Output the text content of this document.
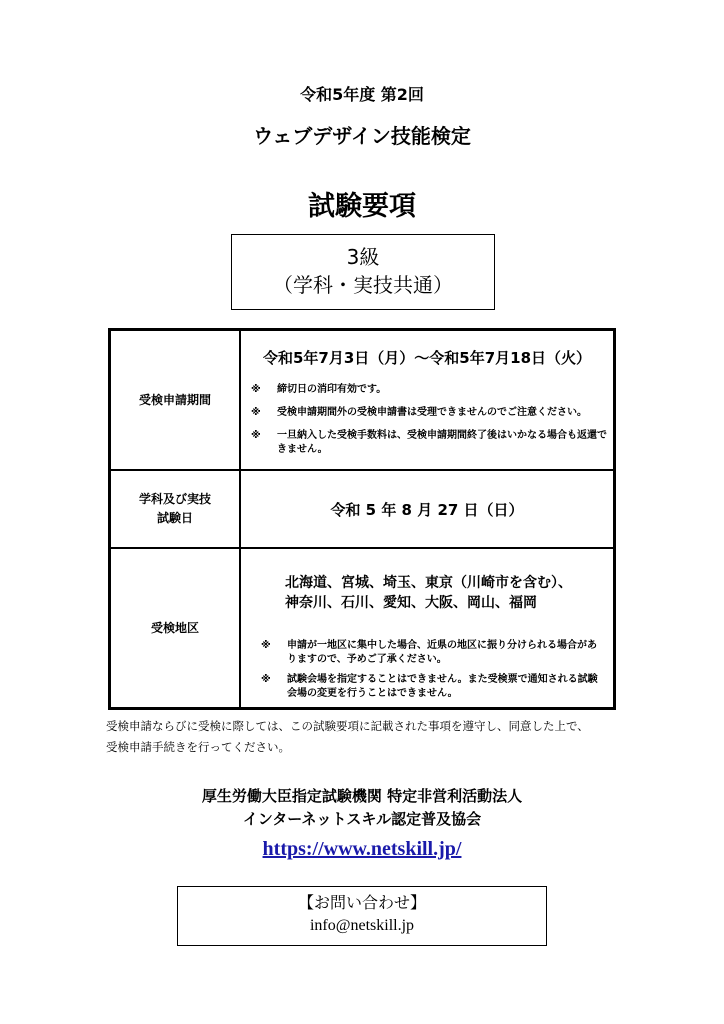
令和5年度 第2回
ウェブデザイン技能検定
試験要項
3級
（学科・実技共通）
受検申請期間
令和5年7月3日（月）～令和5年7月18日（火）
※ 締切日の消印有効です。
※ 受検申請期間外の受検申請書は受理できませんのでご注意ください。
※ 一旦納入した受検手数料は、受検申請期間終了後はいかなる場合も返還できません。
学科及び実技
試験日	令和 5 年 8 月 27 日（日）
受検地区
北海道、宮城、埼玉、東京（川崎市を含む）、
神奈川、石川、愛知、大阪、岡山、福岡
※ 申請が一地区に集中した場合、近県の地区に振り分けられる場合がありますので、予めご了承ください。
※ 試験会場を指定することはできません。また受検票で通知される試験会場の変更を行うことはできません。
受検申請ならびに受検に際しては、この試験要項に記載された事項を遵守し、同意した上で、
受検申請手続きを行ってください。
厚生労働大臣指定試験機関 特定非営利活動法人
インターネットスキル認定普及協会
https://www.netskill.jp/
【お問い合わせ】
info@netskill.jp
